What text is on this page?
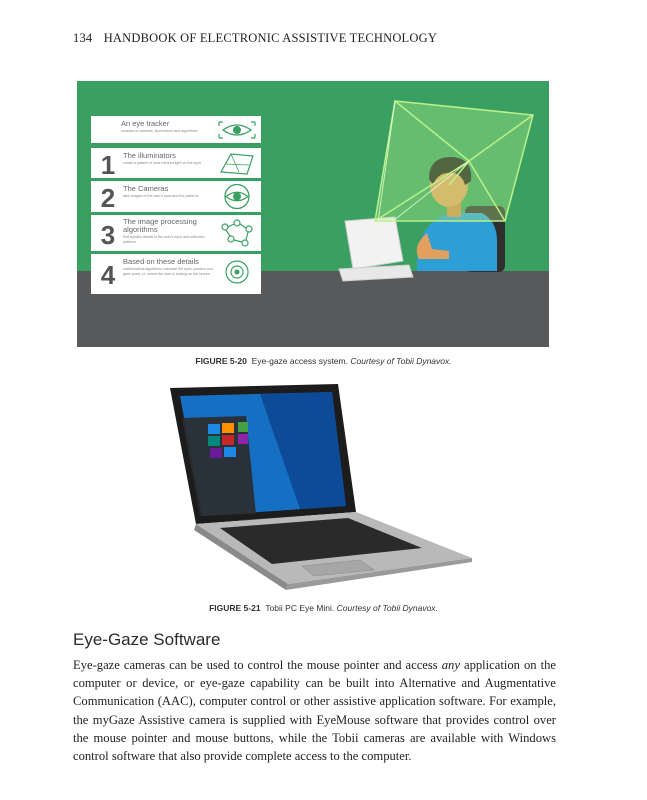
134 HANDBOOK OF ELECTRONIC ASSISTIVE TECHNOLOGY
An eye tracker
consists of cameras, illuminators and algorithms
1	The illuminators
create a pattern of near-infrared light on the eyes
2	The Cameras
take images of the user's eyes and the patterns
3	The image processing algorithms
find specific details in the user's eyes and reflection patterns
4	Based on these details
mathematical algorithms calculate the eyes' position and gaze point, i.e. where the user is looking on the screen
FIGURE 5-20 Eye-gaze access system. Courtesy of Tobii Dynavox.
FIGURE 5-21 Tobii PC Eye Mini. Courtesy of Tobii Dynavox.
Eye-Gaze Software
Eye-gaze cameras can be used to control the mouse pointer and access any application on the computer or device, or eye-gaze capability can be built into Alternative and Augmentative Communication (AAC), computer control or other assistive application software. For example, the myGaze Assistive camera is supplied with EyeMouse software that provides control over the mouse pointer and mouse buttons, while the Tobii cameras are available with Windows control software that also provide complete access to the computer.
